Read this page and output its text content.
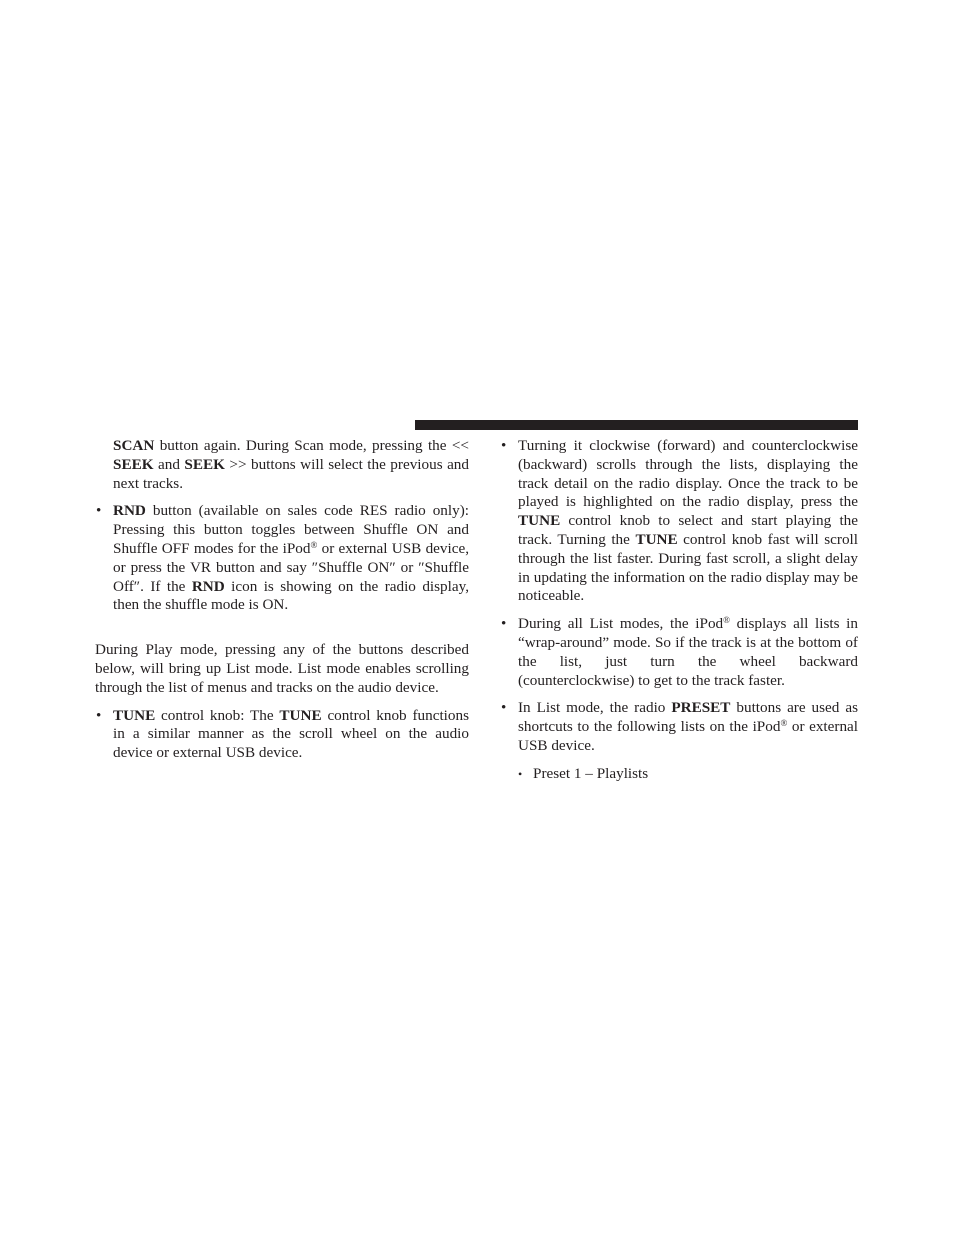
SCAN button again. During Scan mode, pressing the << SEEK and SEEK >> buttons will select the previous and next tracks.

• RND button (available on sales code RES radio only): Pressing this button toggles between Shuffle ON and Shuffle OFF modes for the iPod® or external USB device, or press the VR button and say ″Shuffle ON″ or ″Shuffle Off″. If the RND icon is showing on the radio display, then the shuffle mode is ON.

During Play mode, pressing any of the buttons described below, will bring up List mode. List mode enables scrolling through the list of menus and tracks on the audio device.

• TUNE control knob: The TUNE control knob functions in a similar manner as the scroll wheel on the audio device or external USB device.

• Turning it clockwise (forward) and counterclockwise (backward) scrolls through the lists, displaying the track detail on the radio display. Once the track to be played is highlighted on the radio display, press the TUNE control knob to select and start playing the track. Turning the TUNE control knob fast will scroll through the list faster. During fast scroll, a slight delay in updating the information on the radio display may be noticeable.

• During all List modes, the iPod® displays all lists in “wrap-around” mode. So if the track is at the bottom of the list, just turn the wheel backward (counterclockwise) to get to the track faster.

• In List mode, the radio PRESET buttons are used as shortcuts to the following lists on the iPod® or external USB device.

• Preset 1 – Playlists
